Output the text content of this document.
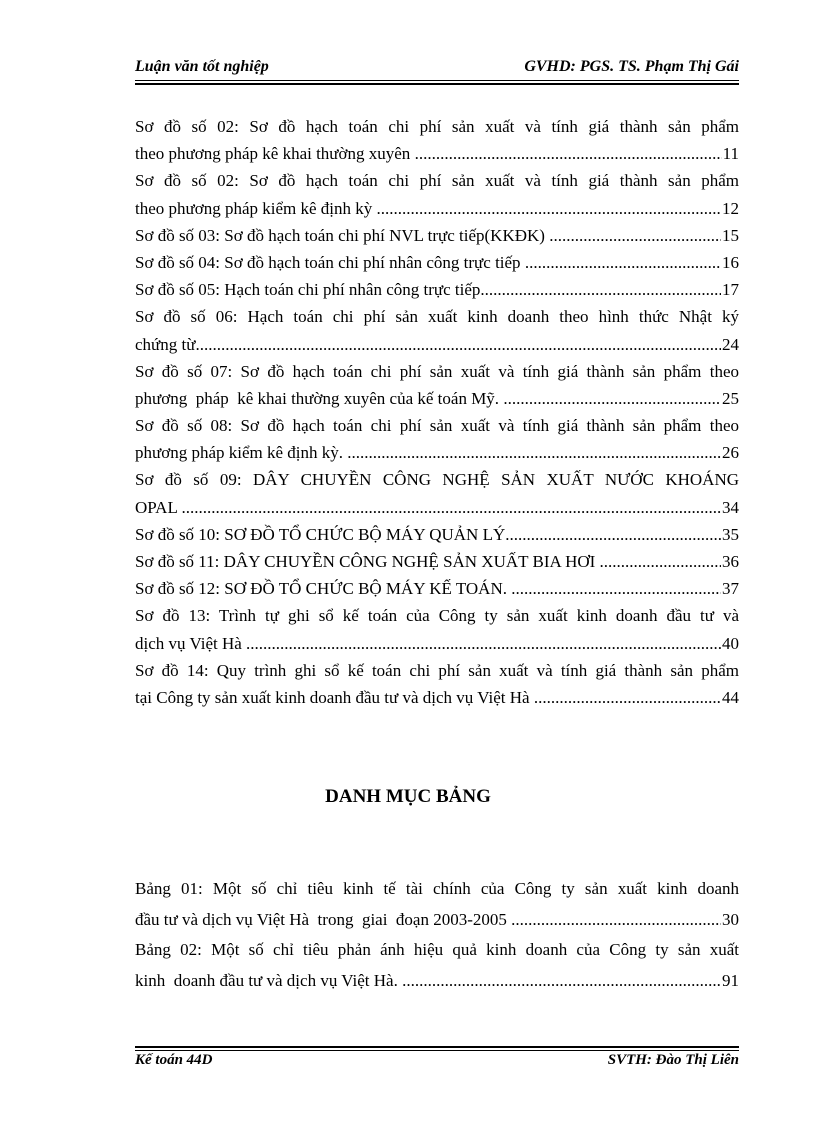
Luận văn tốt nghiệp	GVHD: PGS. TS. Phạm Thị Gái
Sơ đồ số 02: Sơ đồ hạch toán chi phí sản xuất và tính giá thành sản phẩm
theo phương pháp kê khai thường xuyên .....	11
Sơ đồ số 02: Sơ đồ hạch toán chi phí sản xuất và tính giá thành sản phẩm
theo phương pháp kiểm kê định kỳ .....	12
Sơ đồ số 03: Sơ đồ hạch toán chi phí NVL trực tiếp(KKĐK) .....	15
Sơ đồ số 04: Sơ đồ hạch toán chi phí nhân công trực tiếp .....	16
Sơ đồ số 05: Hạch toán chi phí nhân công trực tiếp. .....	17
Sơ đồ số 06: Hạch toán chi phí sản xuất kinh doanh theo hình thức Nhật ký
chứng từ. .....	24
Sơ đồ số 07: Sơ đồ hạch toán chi phí sản xuất và tính giá thành sản phẩm theo
phương  pháp  kê khai thường xuyên của kế toán Mỹ. .....	25
Sơ đồ số 08: Sơ đồ hạch toán chi phí sản xuất và tính giá thành sản phẩm theo
phương pháp kiểm kê định kỳ. .....	26
Sơ đồ số 09: DÂY CHUYỀN CÔNG NGHỆ SẢN XUẤT NƯỚC KHOÁNG
OPAL .....	34
Sơ đồ số 10: SƠ ĐỒ TỔ CHỨC BỘ MÁY QUẢN LÝ .....	35
Sơ đồ số 11: DÂY CHUYỀN CÔNG NGHỆ SẢN XUẤT BIA HƠI .....	36
Sơ đồ số 12: SƠ ĐỒ TỔ CHỨC BỘ MÁY KẾ TOÁN. .....	37
Sơ đồ 13: Trình tự ghi sổ kế toán của Công ty sản xuất kinh doanh đầu tư và
dịch vụ Việt Hà .....	40
Sơ đồ 14: Quy trình ghi sổ kế toán chi phí sản xuất và tính giá thành sản phẩm
tại Công ty sản xuất kinh doanh đầu tư và dịch vụ Việt Hà .....	44
DANH MỤC BẢNG
Bảng 01: Một số chỉ tiêu kinh tế tài chính của Công ty sản xuất kinh doanh
đầu tư và dịch vụ Việt Hà  trong  giai  đoạn 2003-2005 .....	30
Bảng 02: Một số chỉ tiêu phản ánh hiệu quả kinh doanh của Công ty sản xuất
kinh  doanh đầu tư và dịch vụ Việt Hà. .....	91
Kế toán 44D	SVTH: Đào Thị Liên
